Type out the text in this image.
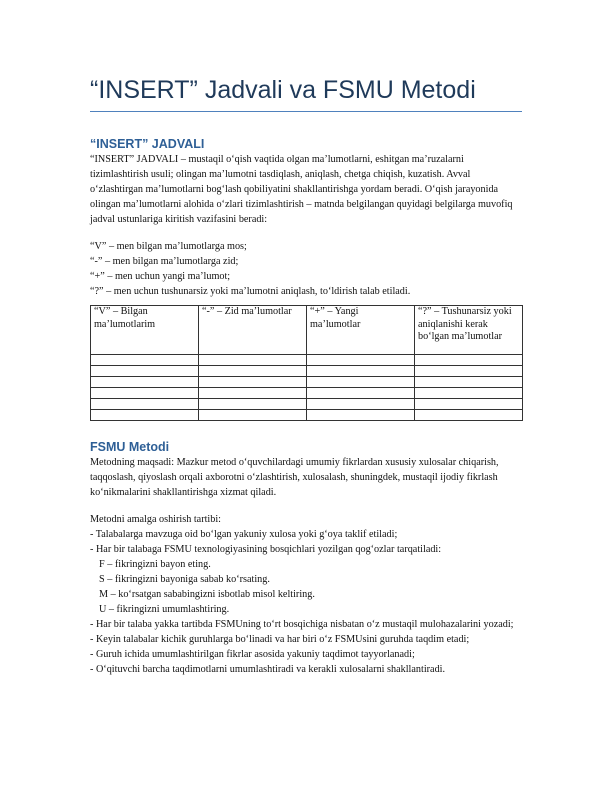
“INSERT” Jadvali va FSMU Metodi
“INSERT” JADVALI

“INSERT” JADVALI – mustaqil o‘qish vaqtida olgan ma’lumotlarni, eshitgan ma’ruzalarni tizimlashtirish usuli; olingan ma’lumotni tasdiqlash, aniqlash, chetga chiqish, kuzatish. Avval o‘zlashtirgan ma’lumotlarni bog‘lash qobiliyatini shakllantirishga yordam beradi. O‘qish jarayonida olingan ma’lumotlarni alohida o‘zlari tizimlashtirish – matnda belgilangan quyidagi belgilarga muvofiq jadval ustunlariga kiritish vazifasini beradi:

“V” – men bilgan ma’lumotlarga mos;
“-” – men bilgan ma’lumotlarga zid;
“+” – men uchun yangi ma’lumot;
“?” – men uchun tushunarsiz yoki ma’lumotni aniqlash, to‘ldirish talab etiladi.
“V” – Bilgan ma’lumotlarim	“-” – Zid ma’lumotlar	“+” – Yangi ma’lumotlar	“?” – Tushunarsiz yoki aniqlanishi kerak bo‘lgan ma’lumotlar

FSMU Metodi

Metodning maqsadi: Mazkur metod o‘quvchilardagi umumiy fikrlardan xususiy xulosalar chiqarish, taqqoslash, qiyoslash orqali axborotni o‘zlashtirish, xulosalash, shuningdek, mustaqil ijodiy fikrlash ko‘nikmalarini shakllantirishga xizmat qiladi.

Metodni amalga oshirish tartibi:

- Talabalarga mavzuga oid bo‘lgan yakuniy xulosa yoki g‘oya taklif etiladi;
- Har bir talabaga FSMU texnologiyasining bosqichlari yozilgan qog‘ozlar tarqatiladi:
F – fikringizni bayon eting.
S – fikringizni bayoniga sabab ko‘rsating.
M – ko‘rsatgan sababingizni isbotlab misol keltiring.
U – fikringizni umumlashtiring.
- Har bir talaba yakka tartibda FSMUning to‘rt bosqichiga nisbatan o‘z mustaqil mulohazalarini yozadi;
- Keyin talabalar kichik guruhlarga bo‘linadi va har biri o‘z FSMUsini guruhda taqdim etadi;
- Guruh ichida umumlashtirilgan fikrlar asosida yakuniy taqdimot tayyorlanadi;
- O‘qituvchi barcha taqdimotlarni umumlashtiradi va kerakli xulosalarni shakllantiradi.
